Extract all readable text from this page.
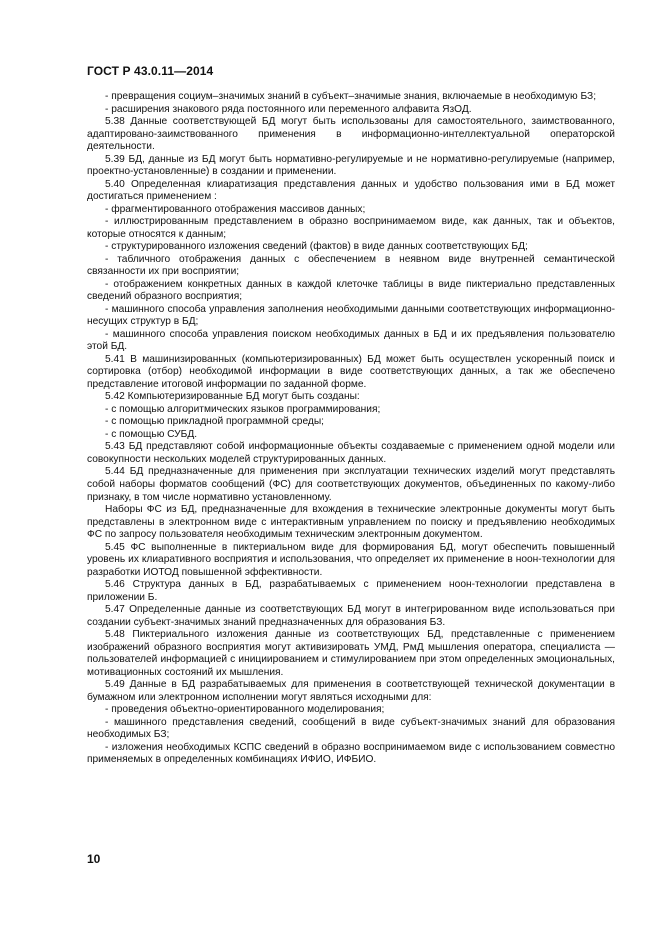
ГОСТ Р 43.0.11—2014

- превращения социум–значимых знаний в субъект–значимые знания, включаемые в необходимую БЗ;

- расширения знакового ряда постоянного или переменного алфавита ЯзОД.

5.38 Данные соответствующей БД могут быть использованы для самостоятельного, заимствованного, адаптировано-заимствованного применения в информационно-интеллектуальной операторской деятельности.

5.39 БД, данные из БД могут быть нормативно-регулируемые и не нормативно-регулируемые (например, проектно-установленные) в создании и применении.

5.40 Определенная клиаратизация представления данных и удобство пользования ими в БД может достигаться применением :

- фрагментированного отображения массивов данных;

- иллюстрированным представлением в образно воспринимаемом виде, как данных, так и объектов, которые относятся к данным;

- структурированного изложения сведений (фактов) в виде данных соответствующих БД;

- табличного отображения данных с обеспечением в неявном виде внутренней семантической связанности их при восприятии;

- отображением конкретных данных в каждой клеточке таблицы в виде пиктериально представленных сведений образного восприятия;

- машинного способа управления заполнения необходимыми данными соответствующих информационно-несущих структур в БД;

- машинного способа управления поиском необходимых данных в БД и их предъявления пользователю этой БД.

5.41 В машинизированных (компьютеризированных) БД может быть осуществлен ускоренный поиск и сортировка (отбор) необходимой информации в виде соответствующих данных, а так же обеспечено представление итоговой информации по заданной форме.

5.42 Компьютеризированные БД могут быть созданы:

- с помощью алгоритмических языков программирования;

- с помощью прикладной программной среды;

- с помощью СУБД.

5.43 БД представляют собой информационные объекты создаваемые с применением одной модели или совокупности нескольких моделей структурированных данных.

5.44 БД предназначенные для применения при эксплуатации технических изделий могут представлять собой наборы форматов сообщений (ФС) для соответствующих документов, объединенных по какому-либо признаку, в том числе нормативно установленному.

Наборы ФС из БД, предназначенные для вхождения в технические электронные документы могут быть представлены в электронном виде с интерактивным управлением по поиску и предъявлению необходимых ФС по запросу пользователя необходимым техническим электронным документом.

5.45 ФС выполненные в пиктериальном виде для формирования БД, могут обеспечить повышенный уровень их клиаративного восприятия и использования, что определяет их применение в ноон-технологии для разработки ИОТОД повышенной эффективности.

5.46 Структура данных в БД, разрабатываемых с применением ноон-технологии представлена в приложении Б.

5.47 Определенные данные из соответствующих БД могут в интегрированном виде использоваться при создании субъект-значимых знаний предназначенных для образования БЗ.

5.48 Пиктериального изложения данные из соответствующих БД, представленные с применением изображений образного восприятия могут активизировать УМД, РмД мышления оператора, специалиста — пользователей информацией с инициированием и стимулированием при этом определенных эмоциональных, мотивационных состояний их мышления.

5.49 Данные в БД разрабатываемых для применения в соответствующей технической документации в бумажном или электронном исполнении могут являться исходными для:

- проведения объектно-ориентированного моделирования;

- машинного представления сведений, сообщений в виде субъект-значимых знаний для образования необходимых БЗ;

- изложения необходимых КСПС сведений в образно воспринимаемом виде с использованием совместно применяемых в определенных комбинациях ИФИО, ИФБИО.

10
